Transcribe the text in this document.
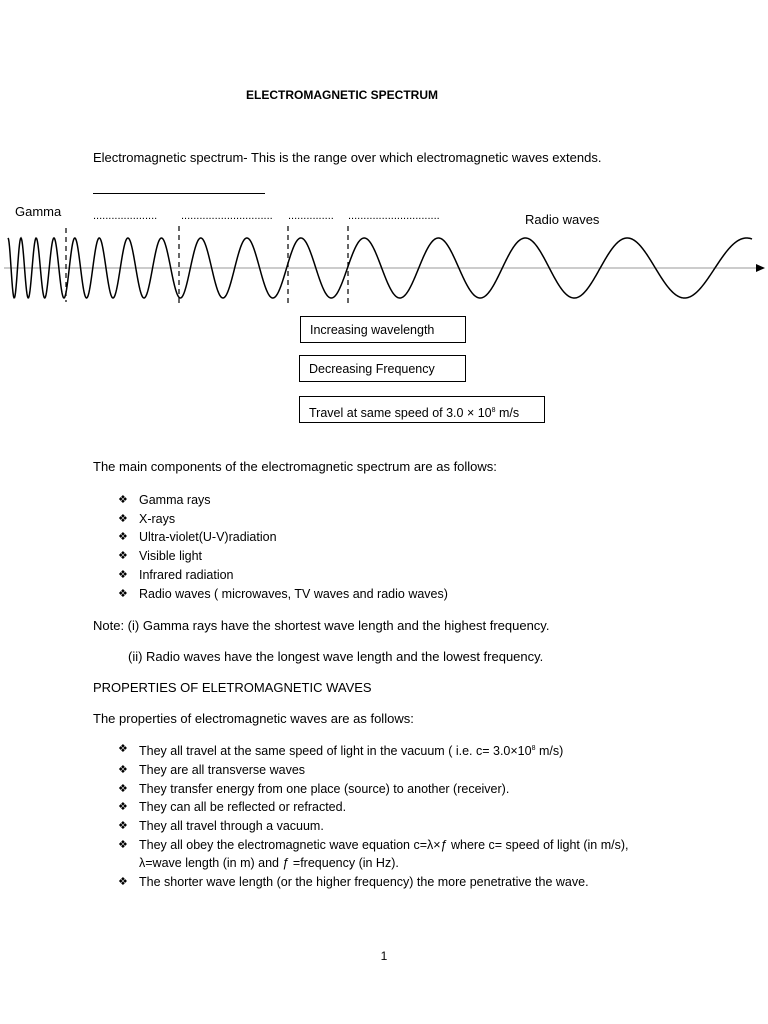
ELECTROMAGNETIC SPECTRUM
Electromagnetic spectrum- This is the range over which electromagnetic waves extends.
Gamma
Radio waves
..................... .............................. ............... ..............................
Increasing wavelength
Decreasing Frequency
Travel at same speed of $3.0 \times 10^8$ m/s
The main components of the electromagnetic spectrum are as follows:
❖ Gamma rays
❖ X-rays
❖ Ultra-violet(U-V)radiation
❖ Visible light
❖ Infrared radiation
❖ Radio waves ( microwaves, TV waves and radio waves)
Note: (i) Gamma rays have the shortest wave length and the highest frequency.
(ii) Radio waves have the longest wave length and the lowest frequency.
PROPERTIES OF ELETROMAGNETIC WAVES
The properties of electromagnetic waves are as follows:
❖ They all travel at the same speed of light in the vacuum ( i.e. $c= 3.0\times 10^8$ m/s)
❖ They are all transverse waves
❖ They transfer energy from one place (source) to another (receiver).
❖ They can all be reflected or refracted.
❖ They all travel through a vacuum.
❖ They all obey the electromagnetic wave equation c=λ×ƒ where c= speed of light (in m/s),
λ=wave length (in m) and ƒ =frequency (in Hz).
❖ The shorter wave length (or the higher frequency) the more penetrative the wave.
1
